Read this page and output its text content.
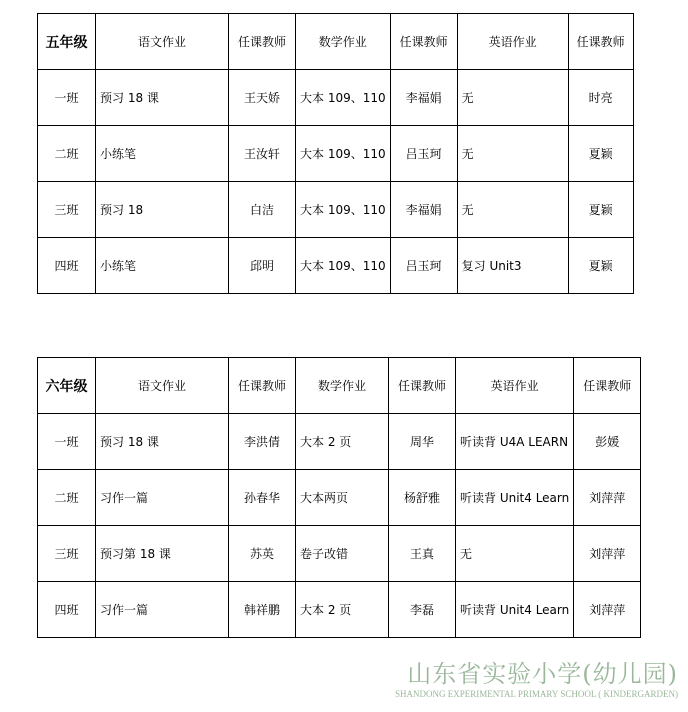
五年级	语文作业	任课教师	数学作业	任课教师	英语作业	任课教师
一班	预习 18 课	王天娇	大本 109、110	李福娟	无	时亮
二班	小练笔	王汝轩	大本 109、110	吕玉珂	无	夏颖
三班	预习 18	白洁	大本 109、110	李福娟	无	夏颖
四班	小练笔	邱明	大本 109、110	吕玉珂	复习 Unit3	夏颖
六年级	语文作业	任课教师	数学作业	任课教师	英语作业	任课教师
一班	预习 18 课	李洪倩	大本 2 页	周华	听读背 U4A LEARN	彭媛
二班	习作一篇	孙春华	大本两页	杨舒雅	听读背 Unit4 Learn	刘萍萍
三班	预习第 18 课	苏英	卷子改错	王真	无	刘萍萍
四班	习作一篇	韩祥鹏	大本 2 页	李磊	听读背 Unit4 Learn	刘萍萍
山东省实验小学(幼儿园)
SHANDONG EXPERIMENTAL PRIMARY SCHOOL ( KINDERGARDEN)
